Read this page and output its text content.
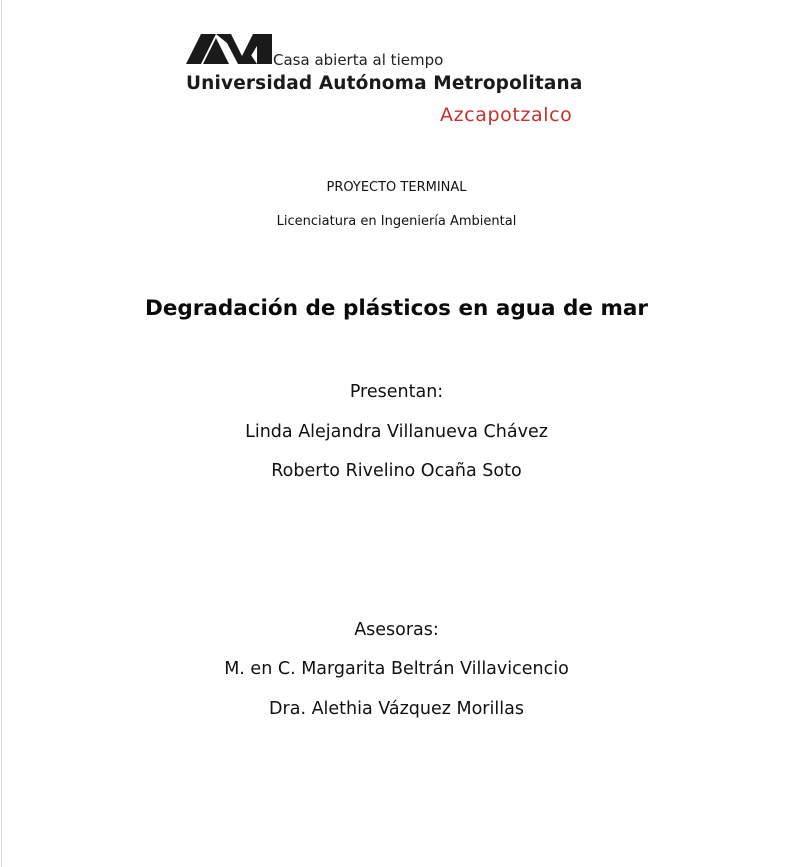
Casa abierta al tiempo
Universidad Autónoma Metropolitana
Azcapotzalco
PROYECTO TERMINAL
Licenciatura en Ingeniería Ambiental
Degradación de plásticos en agua de mar
Presentan:
Linda Alejandra Villanueva Chávez
Roberto Rivelino Ocaña Soto
Asesoras:
M. en C. Margarita Beltrán Villavicencio
Dra. Alethia Vázquez Morillas
